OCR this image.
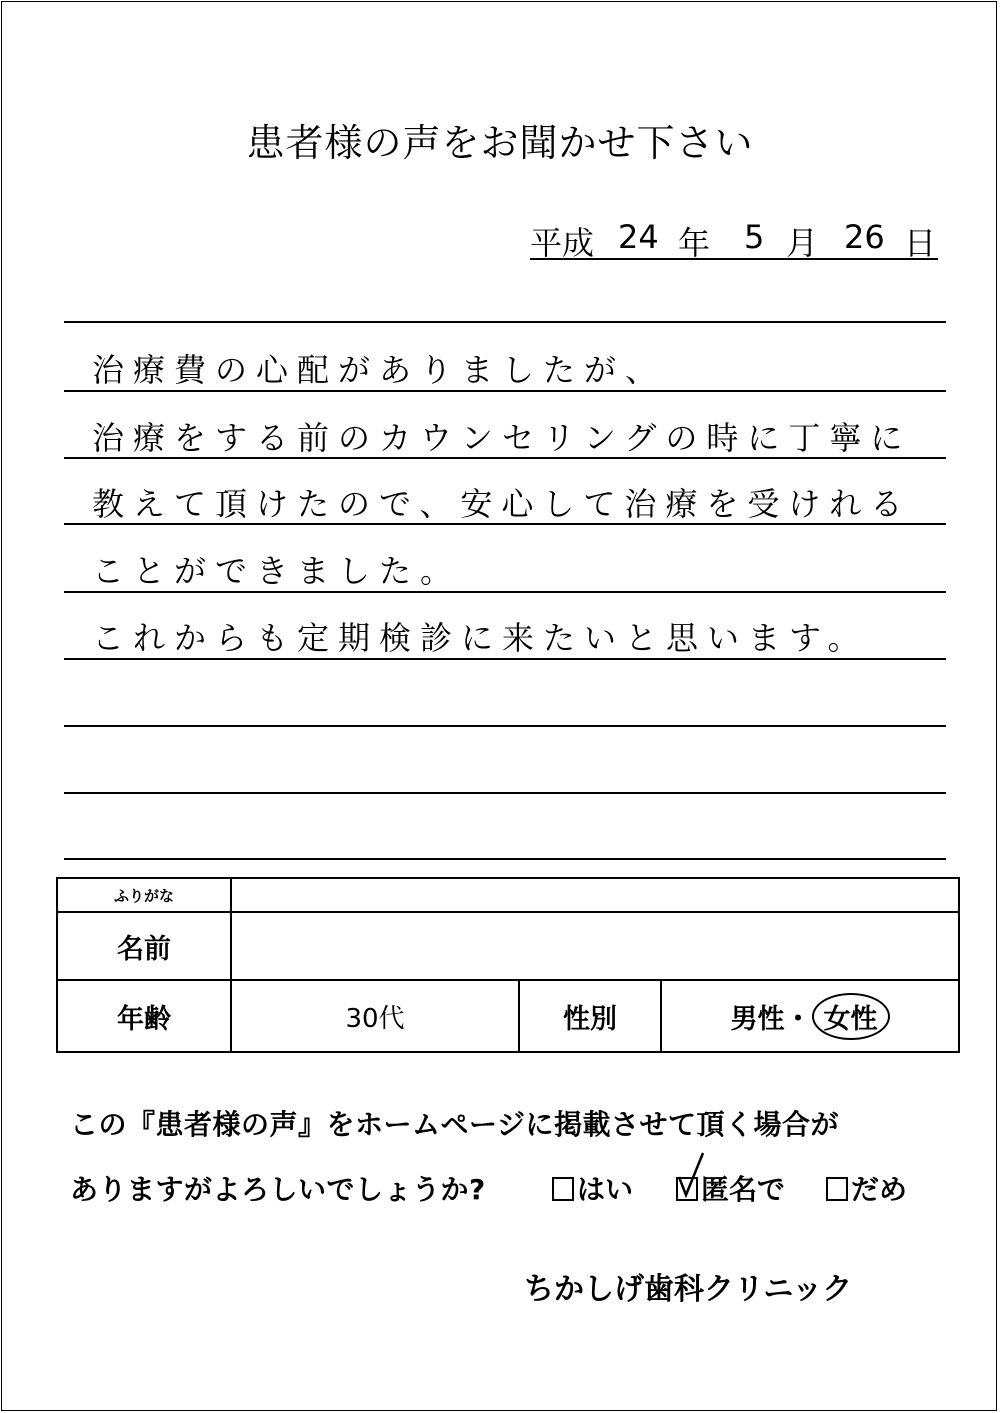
患者様の声をお聞かせ下さい
平成 24 年 5 月 26 日
治療費の心配がありましたが、
治療をする前のカウンセリングの時に丁寧に
教えて頂けたので、安心して治療を受けれる
ことができました。
これからも定期検診に来たいと思います。
ふりがな			
名前			
年齢	30代	性別	男性・ 女性
この『患者様の声』をホームページに掲載させて頂く場合が
ありますがよろしいでしょうか?	はい	匿名で	だめ
ちかしげ歯科クリニック
